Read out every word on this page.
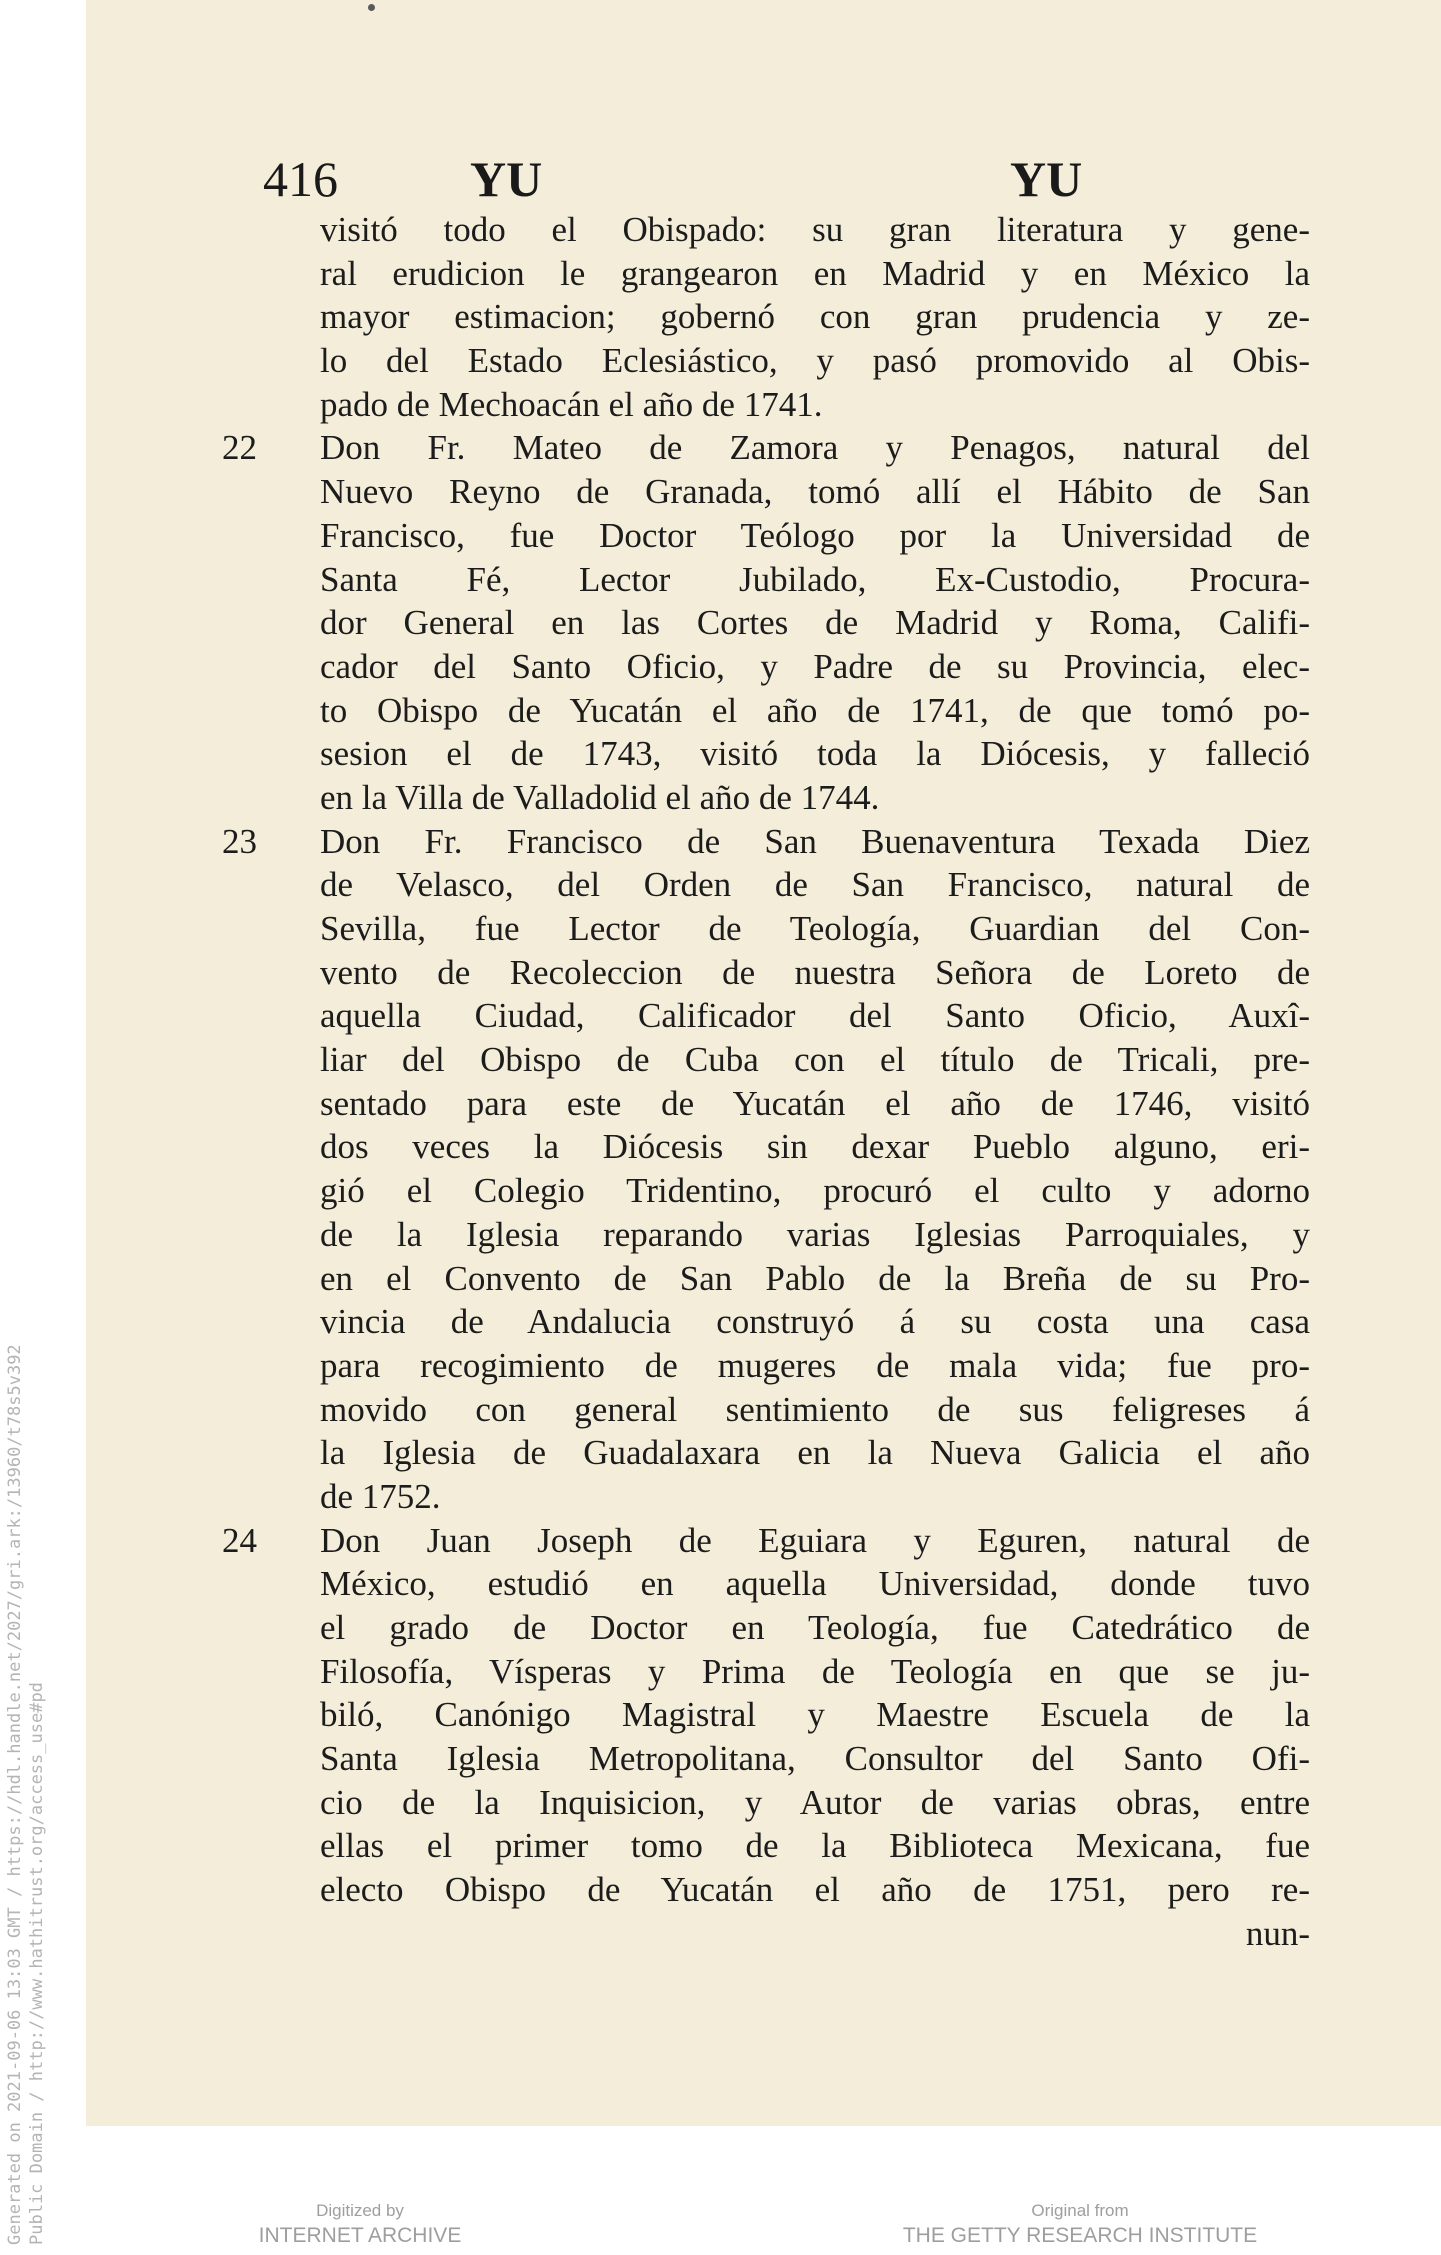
Generated on 2021-09-06 13:03 GMT / https://hdl.handle.net/2027/gri.ark:/13960/t78s5v392 Public Domain / http://www.hathitrust.org/access_use#pd
416	YU	YU
visitó todo el Obispado: su gran literatura y gene-
ral erudicion le grangearon en Madrid y en México la
mayor estimacion; gobernó con gran prudencia y ze-
lo del Estado Eclesiástico, y pasó promovido al Obis-
pado de Mechoacán el año de 1741.
22	Don Fr. Mateo de Zamora y Penagos, natural del
Nuevo Reyno de Granada, tomó allí el Hábito de San
Francisco, fue Doctor Teólogo por la Universidad de
Santa Fé, Lector Jubilado, Ex-Custodio, Procura-
dor General en las Cortes de Madrid y Roma, Califi-
cador del Santo Oficio, y Padre de su Provincia, elec-
to Obispo de Yucatán el año de 1741, de que tomó po-
sesion el de 1743, visitó toda la Diócesis, y falleció
en la Villa de Valladolid el año de 1744.
23	Don Fr. Francisco de San Buenaventura Texada Diez
de Velasco, del Orden de San Francisco, natural de
Sevilla, fue Lector de Teología, Guardian del Con-
vento de Recoleccion de nuestra Señora de Loreto de
aquella Ciudad, Calificador del Santo Oficio, Auxî-
liar del Obispo de Cuba con el título de Tricali, pre-
sentado para este de Yucatán el año de 1746, visitó
dos veces la Diócesis sin dexar Pueblo alguno, eri-
gió el Colegio Tridentino, procuró el culto y adorno
de la Iglesia reparando varias Iglesias Parroquiales, y
en el Convento de San Pablo de la Breña de su Pro-
vincia de Andalucia construyó á su costa una casa
para recogimiento de mugeres de mala vida; fue pro-
movido con general sentimiento de sus feligreses á
la Iglesia de Guadalaxara en la Nueva Galicia el año
de 1752.
24	Don Juan Joseph de Eguiara y Eguren, natural de
México, estudió en aquella Universidad, donde tuvo
el grado de Doctor en Teología, fue Catedrático de
Filosofía, Vísperas y Prima de Teología en que se ju-
biló, Canónigo Magistral y Maestre Escuela de la
Santa Iglesia Metropolitana, Consultor del Santo Ofi-
cio de la Inquisicion, y Autor de varias obras, entre
ellas el primer tomo de la Biblioteca Mexicana, fue
electo Obispo de Yucatán el año de 1751, pero re-
nun-
Digitized by
INTERNET ARCHIVE
Original from
THE GETTY RESEARCH INSTITUTE
